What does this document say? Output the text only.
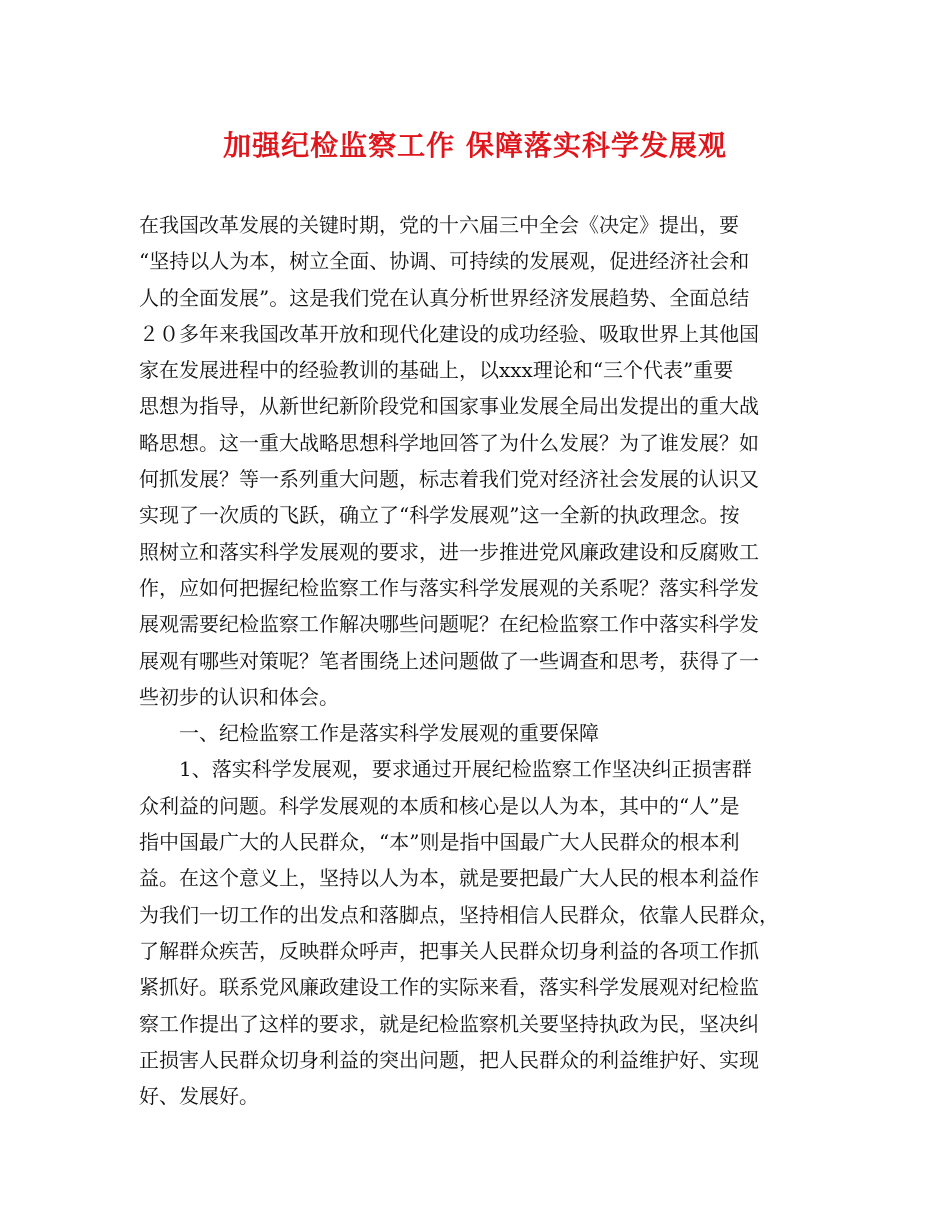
加强纪检监察工作 保障落实科学发展观
在我国改革发展的关键时期，党的十六届三中全会《决定》提出，要
“坚持以人为本，树立全面、协调、可持续的发展观，促进经济社会和
人的全面发展”。这是我们党在认真分析世界经济发展趋势、全面总结
２０多年来我国改革开放和现代化建设的成功经验、吸取世界上其他国
家在发展进程中的经验教训的基础上，以xxx理论和“三个代表”重要
思想为指导，从新世纪新阶段党和国家事业发展全局出发提出的重大战
略思想。这一重大战略思想科学地回答了为什么发展？为了谁发展？如
何抓发展？等一系列重大问题，标志着我们党对经济社会发展的认识又
实现了一次质的飞跃，确立了“科学发展观”这一全新的执政理念。按
照树立和落实科学发展观的要求，进一步推进党风廉政建设和反腐败工
作，应如何把握纪检监察工作与落实科学发展观的关系呢？落实科学发
展观需要纪检监察工作解决哪些问题呢？在纪检监察工作中落实科学发
展观有哪些对策呢？笔者围绕上述问题做了一些调查和思考，获得了一
些初步的认识和体会。
　　一、纪检监察工作是落实科学发展观的重要保障
　　1、落实科学发展观，要求通过开展纪检监察工作坚决纠正损害群
众利益的问题。科学发展观的本质和核心是以人为本，其中的“人”是
指中国最广大的人民群众，“本”则是指中国最广大人民群众的根本利
益。在这个意义上，坚持以人为本，就是要把最广大人民的根本利益作
为我们一切工作的出发点和落脚点，坚持相信人民群众，依靠人民群众，
了解群众疾苦，反映群众呼声，把事关人民群众切身利益的各项工作抓
紧抓好。联系党风廉政建设工作的实际来看，落实科学发展观对纪检监
察工作提出了这样的要求，就是纪检监察机关要坚持执政为民，坚决纠
正损害人民群众切身利益的突出问题，把人民群众的利益维护好、实现
好、发展好。
